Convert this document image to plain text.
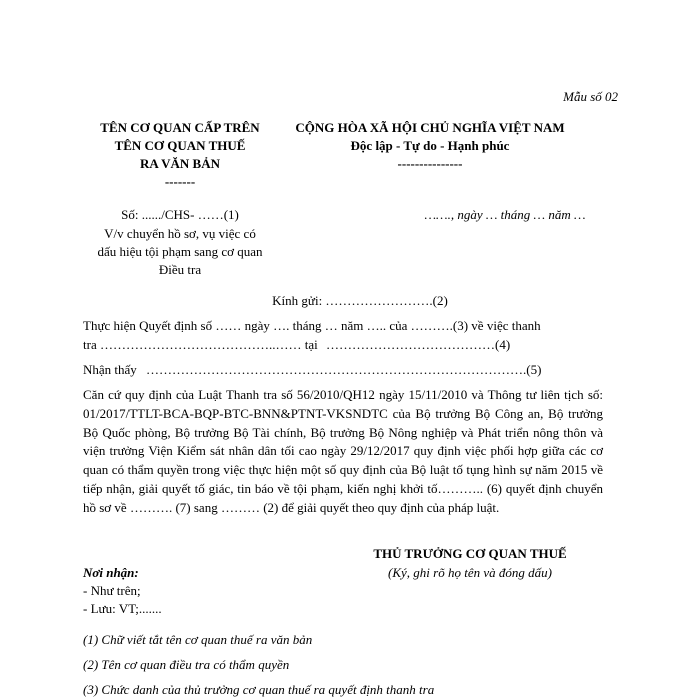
Mẫu số 02
TÊN CƠ QUAN CẤP TRÊN
TÊN CƠ QUAN THUẾ
RA VĂN BẢN
-------
Số: ....../CHS- ……(1)
V/v chuyển hồ sơ, vụ việc có
dấu hiệu tội phạm sang cơ quan
Điều tra
CỘNG HÒA XÃ HỘI CHỦ NGHĨA VIỆT NAM
Độc lập - Tự do - Hạnh phúc
---------------
……., ngày … tháng … năm …
Kính gửi: …………………….(2)
Thực hiện Quyết định số …… ngày …. tháng … năm ….. của ……….(3) về việc thanh
tra …………………………………..…… tại …………………………………(4)
Nhận thấy …………………………………………………………………………….(5)
Căn cứ quy định của Luật Thanh tra số 56/2010/QH12 ngày 15/11/2010 và Thông tư liên tịch số: 01/2017/TTLT-BCA-BQP-BTC-BNN&PTNT-VKSNDTC của Bộ trưởng Bộ Công an, Bộ trưởng Bộ Quốc phòng, Bộ trưởng Bộ Tài chính, Bộ trưởng Bộ Nông nghiệp và Phát triển nông thôn và viện trưởng Viện Kiểm sát nhân dân tối cao ngày 29/12/2017 quy định việc phối hợp giữa các cơ quan có thẩm quyền trong việc thực hiện một số quy định của Bộ luật tố tụng hình sự năm 2015 về tiếp nhận, giải quyết tố giác, tin báo về tội phạm, kiến nghị khởi tố……….. (6) quyết định chuyển hồ sơ về ………. (7) sang ……… (2) để giải quyết theo quy định của pháp luật.
THỦ TRƯỞNG CƠ QUAN THUẾ
(Ký, ghi rõ họ tên và đóng dấu)
Nơi nhận:
- Như trên;
- Lưu: VT;.......
(1) Chữ viết tắt tên cơ quan thuế ra văn bản
(2) Tên cơ quan điều tra có thẩm quyền
(3) Chức danh của thủ trưởng cơ quan thuế ra quyết định thanh tra
